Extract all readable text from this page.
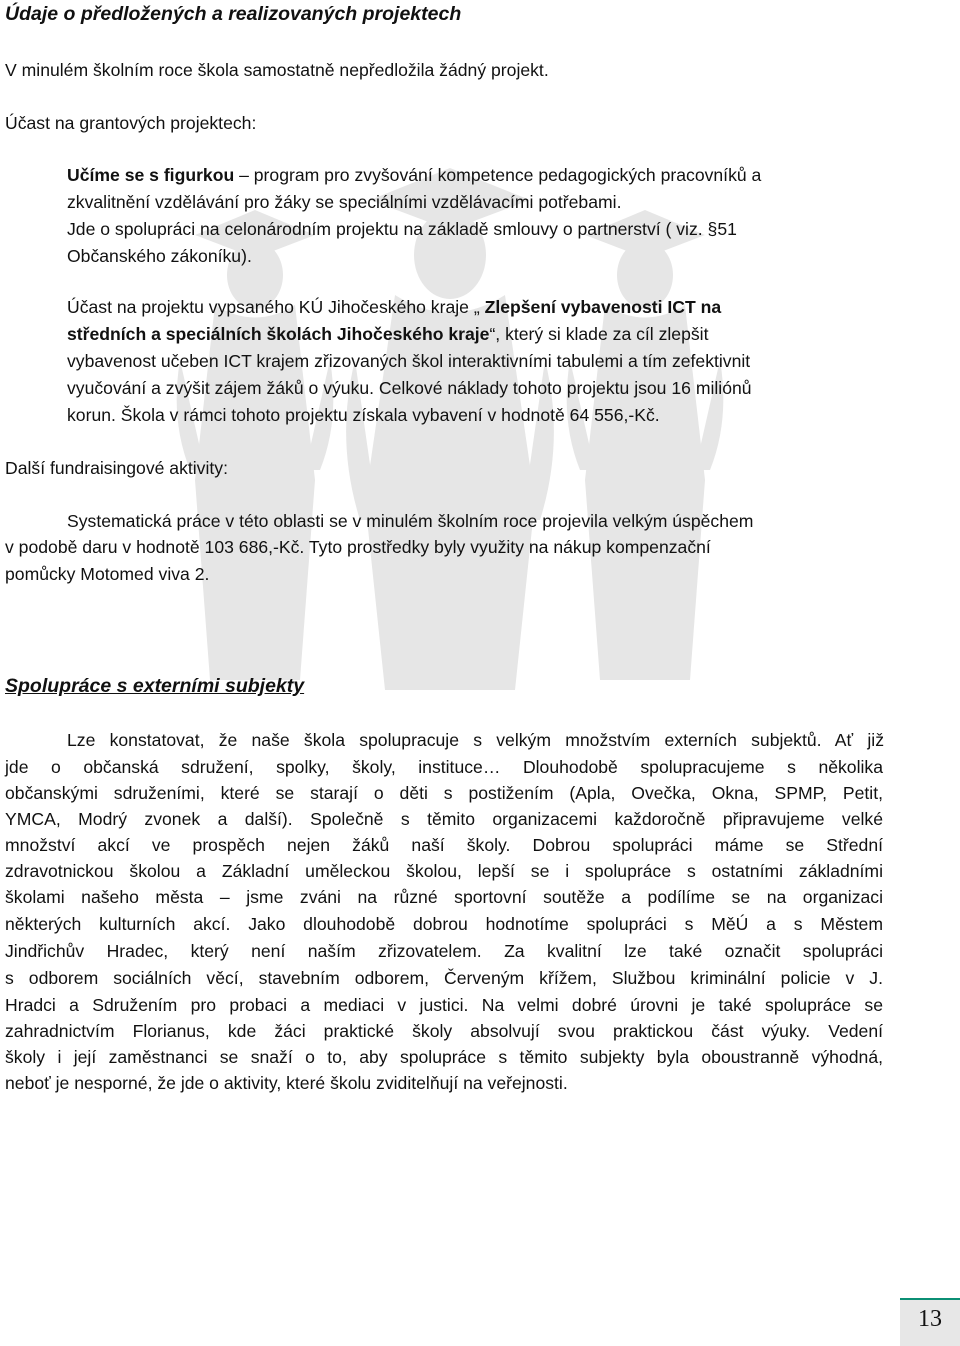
Údaje o předložených a realizovaných projektech
V minulém školním roce škola samostatně nepředložila žádný projekt.
Účast na grantových projektech:
Učíme se s figurkou – program pro zvyšování kompetence pedagogických pracovníků a
zkvalitnění vzdělávání pro žáky se speciálními vzdělávacími potřebami.
Jde o spolupráci na celonárodním projektu na základě smlouvy o partnerství ( viz. §51
Občanského zákoníku).
Účast na projektu vypsaného KÚ Jihočeského kraje „ Zlepšení vybavenosti ICT na
středních a speciálních školách Jihočeského kraje“, který si klade za cíl zlepšit
vybavenost učeben ICT krajem zřizovaných škol interaktivními tabulemi a tím zefektivnit
vyučování a zvýšit zájem žáků o výuku. Celkové náklady tohoto projektu jsou 16 miliónů
korun. Škola v rámci tohoto projektu získala vybavení v hodnotě 64 556,-Kč.
Další fundraisingové aktivity:
Systematická práce v této oblasti se v minulém školním roce projevila velkým úspěchem
v podobě daru v hodnotě 103 686,-Kč. Tyto prostředky byly využity na nákup kompenzační
pomůcky Motomed viva 2.
Spolupráce s externími subjekty
Lze konstatovat, že naše škola spolupracuje s velkým množstvím externích subjektů. Ať již
jde o občanská sdružení, spolky, školy, instituce… Dlouhodobě spolupracujeme s několika
občanskými sdruženími, které se starají o děti s postižením (Apla, Ovečka, Okna, SPMP, Petit,
YMCA, Modrý zvonek a další). Společně s těmito organizacemi každoročně připravujeme velké
množství akcí ve prospěch nejen žáků naší školy. Dobrou spolupráci máme se Střední
zdravotnickou školou a Základní uměleckou školou, lepší se i spolupráce s ostatními základními
školami našeho města – jsme zváni na různé sportovní soutěže a podílíme se na organizaci
některých kulturních akcí. Jako dlouhodobě dobrou hodnotíme spolupráci s MěÚ a s Městem
Jindřichův Hradec, který není naším zřizovatelem. Za kvalitní lze také označit spolupráci
s odborem sociálních věcí, stavebním odborem, Červeným křížem, Službou kriminální policie v J.
Hradci a Sdružením pro probaci a mediaci v justici. Na velmi dobré úrovni je také spolupráce se
zahradnictvím Florianus, kde žáci praktické školy absolvují svou praktickou část výuky. Vedení
školy i její zaměstnanci se snaží o to, aby spolupráce s těmito subjekty byla oboustranně výhodná,
neboť je nesporné, že jde o aktivity, které školu zviditelňují na veřejnosti.
13
